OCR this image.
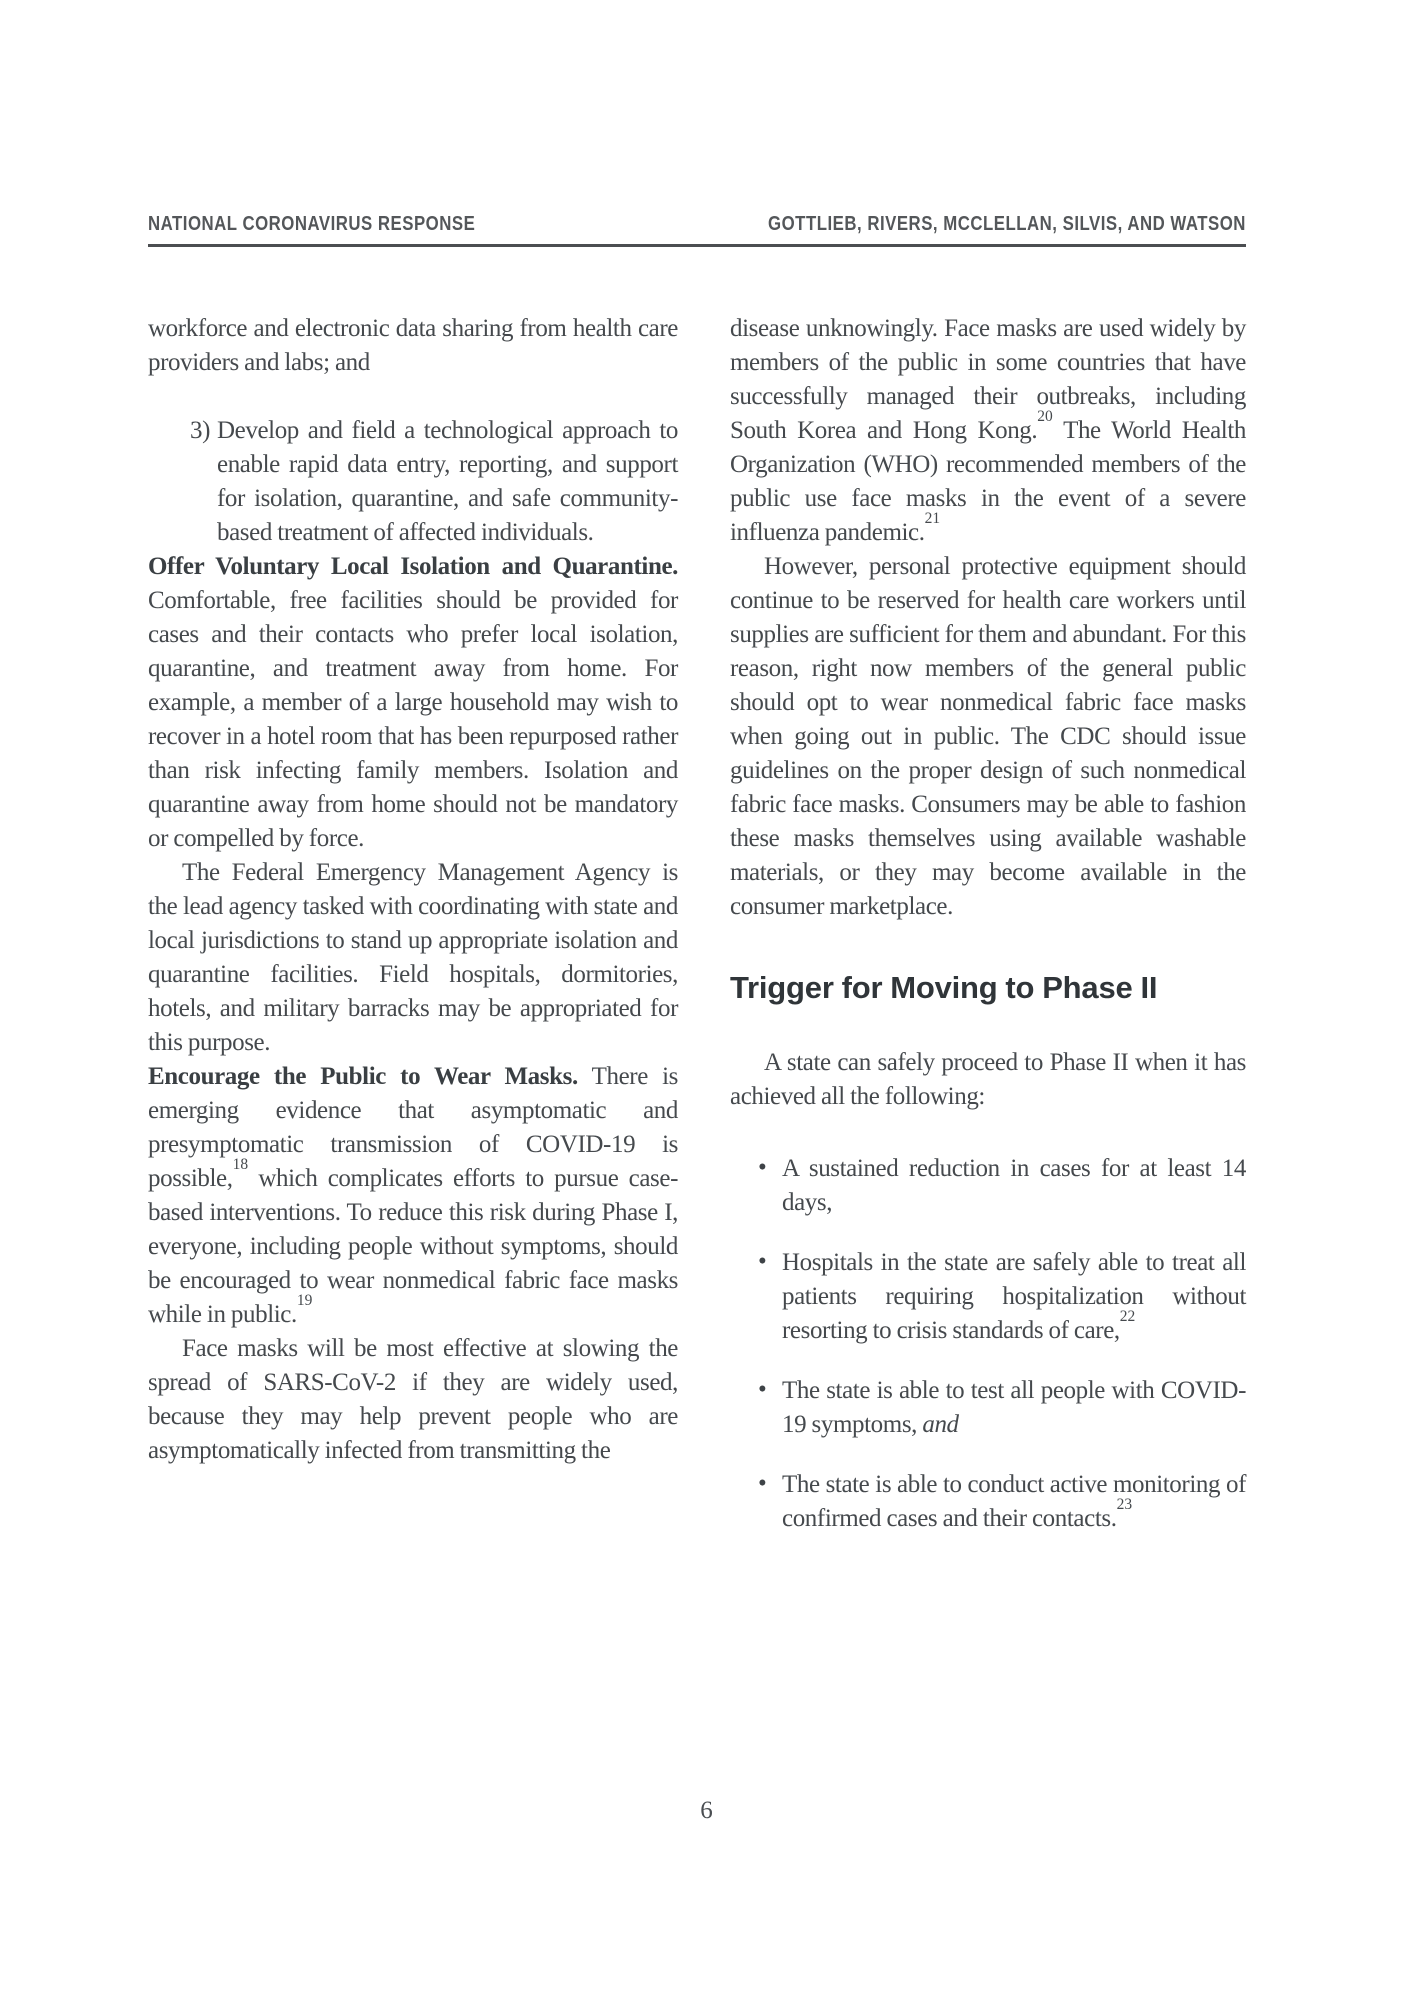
NATIONAL CORONAVIRUS RESPONSE	GOTTLIEB, RIVERS, MCCLELLAN, SILVIS, AND WATSON

workforce and electronic data sharing from health care providers and labs; and

3) Develop and field a technological approach to enable rapid data entry, reporting, and support for isolation, quarantine, and safe community-based treatment of affected individuals.

Offer Voluntary Local Isolation and Quarantine. Comfortable, free facilities should be provided for cases and their contacts who prefer local isolation, quarantine, and treatment away from home. For example, a member of a large household may wish to recover in a hotel room that has been repurposed rather than risk infecting family members. Isolation and quarantine away from home should not be mandatory or compelled by force.

The Federal Emergency Management Agency is the lead agency tasked with coordinating with state and local jurisdictions to stand up appropriate isolation and quarantine facilities. Field hospitals, dormitories, hotels, and military barracks may be appropriated for this purpose.

Encourage the Public to Wear Masks. There is emerging evidence that asymptomatic and presymptomatic transmission of COVID-19 is possible,$^{18}$ which complicates efforts to pursue case-based interventions. To reduce this risk during Phase I, everyone, including people without symptoms, should be encouraged to wear nonmedical fabric face masks while in public.$^{19}$

Face masks will be most effective at slowing the spread of SARS-CoV-2 if they are widely used, because they may help prevent people who are asymptomatically infected from transmitting the

disease unknowingly. Face masks are used widely by members of the public in some countries that have successfully managed their outbreaks, including South Korea and Hong Kong.$^{20}$ The World Health Organization (WHO) recommended members of the public use face masks in the event of a severe influenza pandemic.$^{21}$

However, personal protective equipment should continue to be reserved for health care workers until supplies are sufficient for them and abundant. For this reason, right now members of the general public should opt to wear nonmedical fabric face masks when going out in public. The CDC should issue guidelines on the proper design of such nonmedical fabric face masks. Consumers may be able to fashion these masks themselves using available washable materials, or they may become available in the consumer marketplace.

Trigger for Moving to Phase II

A state can safely proceed to Phase II when it has achieved all the following:

• A sustained reduction in cases for at least 14 days,
• Hospitals in the state are safely able to treat all patients requiring hospitalization without resorting to crisis standards of care,$^{22}$
• The state is able to test all people with COVID-19 symptoms, and
• The state is able to conduct active monitoring of confirmed cases and their contacts.$^{23}$
6
